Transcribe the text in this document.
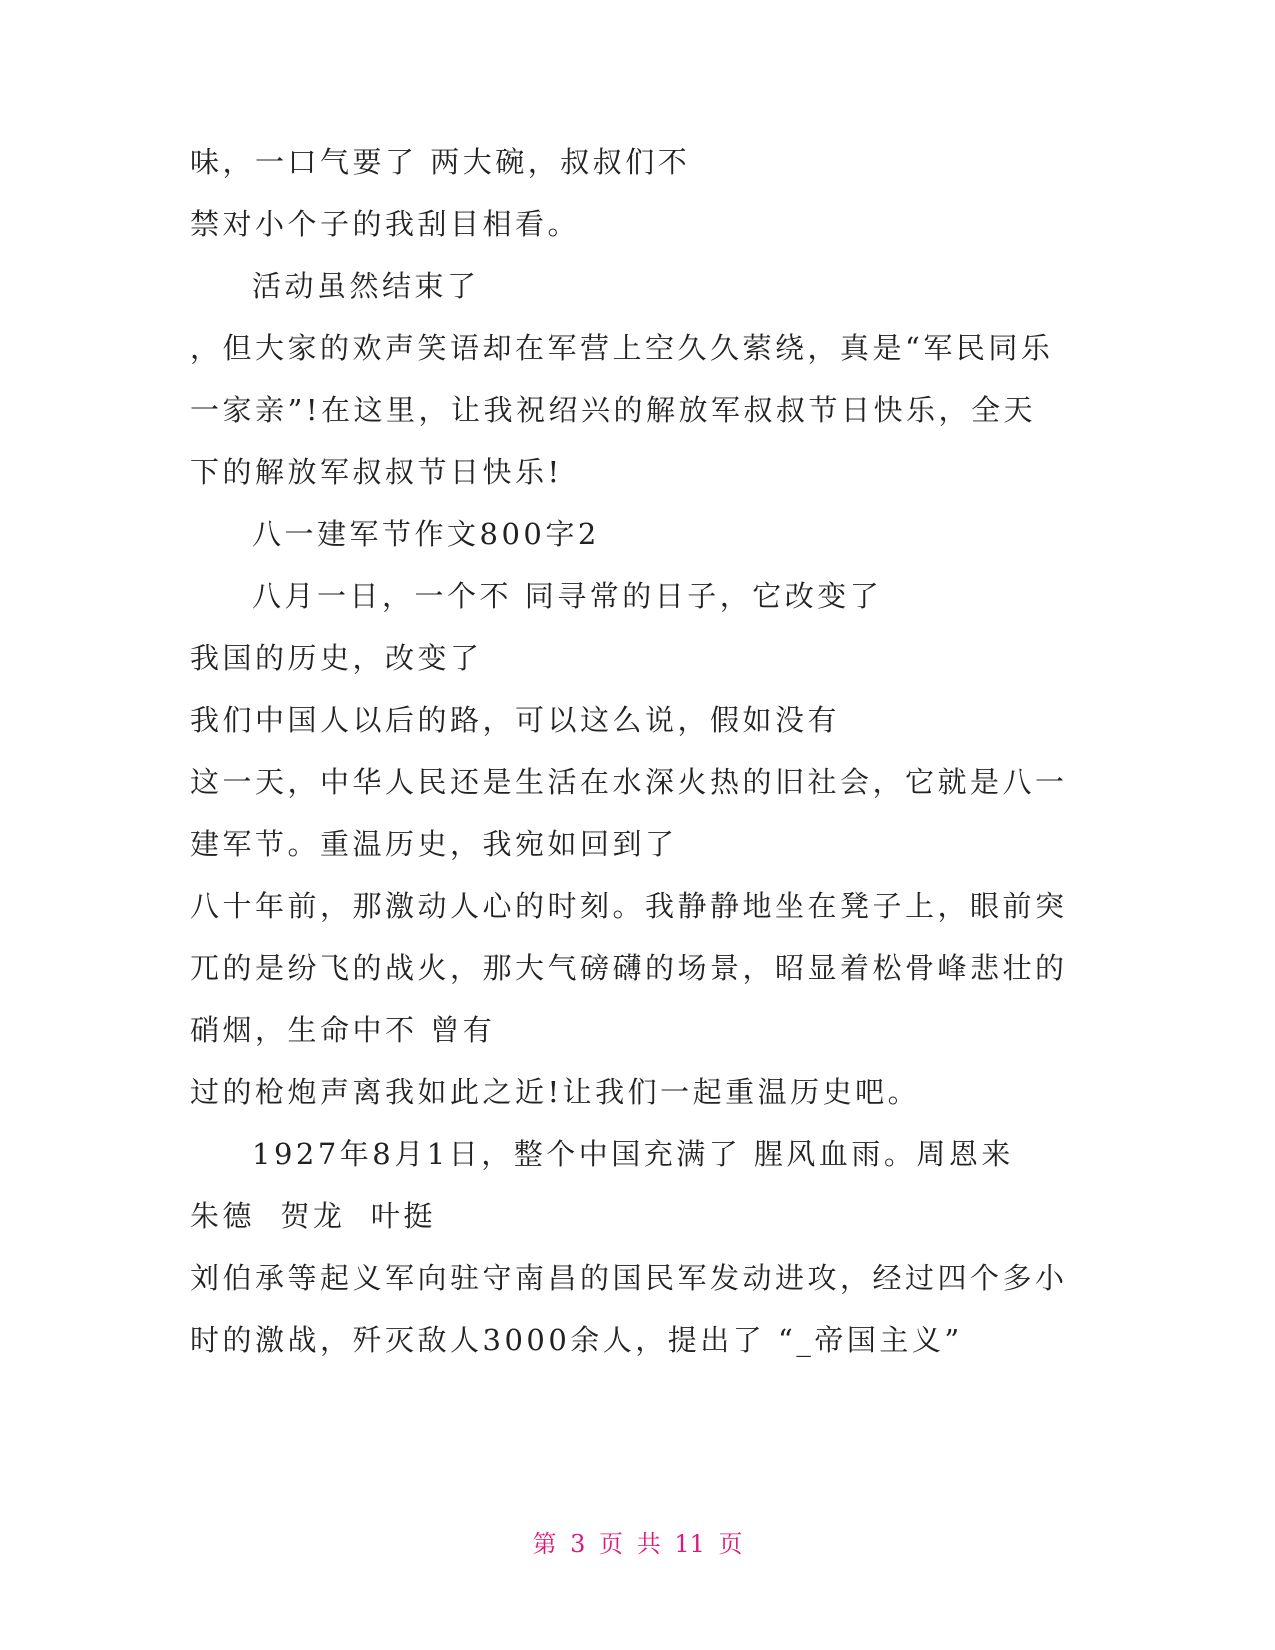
味，一口气要了 两大碗，叔叔们不
禁对小个子的我刮目相看。
活动虽然结束了
，但大家的欢声笑语却在军营上空久久萦绕，真是“军民同乐
一家亲”!在这里，让我祝绍兴的解放军叔叔节日快乐，全天
下的解放军叔叔节日快乐!
八一建军节作文800字2
八月一日，一个不 同寻常的日子，它改变了
我国的历史，改变了
我们中国人以后的路，可以这么说，假如没有
这一天，中华人民还是生活在水深火热的旧社会，它就是八一
建军节。重温历史，我宛如回到了
八十年前，那激动人心的时刻。我静静地坐在凳子上，眼前突
兀的是纷飞的战火，那大气磅礴的场景，昭显着松骨峰悲壮的
硝烟，生命中不 曾有
过的枪炮声离我如此之近!让我们一起重温历史吧。
1927年8月1日，整个中国充满了 腥风血雨。周恩来
朱德  贺龙  叶挺
刘伯承等起义军向驻守南昌的国民军发动进攻，经过四个多小
时的激战，歼灭敌人3000余人，提出了 “_帝国主义”
第 3 页 共 11 页
